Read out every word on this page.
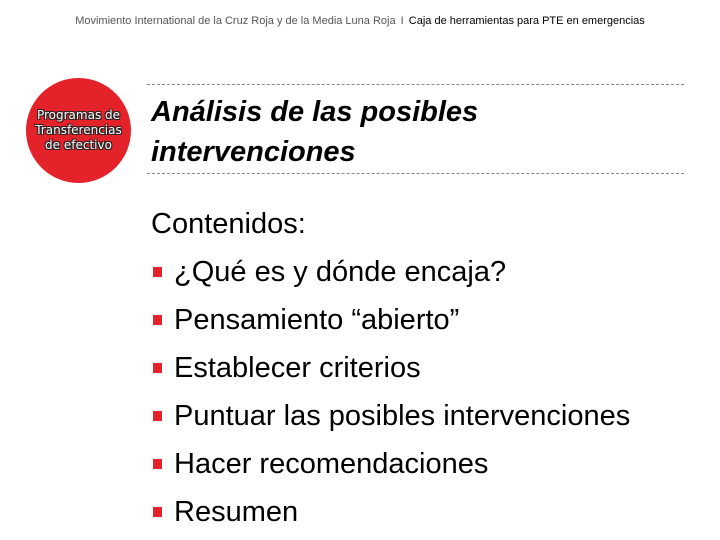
Movimiento International de la Cruz Roja y de la Media Luna Roja I Caja de herramientas para PTE en emergencias
Programas de
Transferencias
de efectivo
Análisis de las posibles
intervenciones
Contenidos:
¿Qué es y dónde encaja?
Pensamiento “abierto”
Establecer criterios
Puntuar las posibles intervenciones
Hacer recomendaciones
Resumen
